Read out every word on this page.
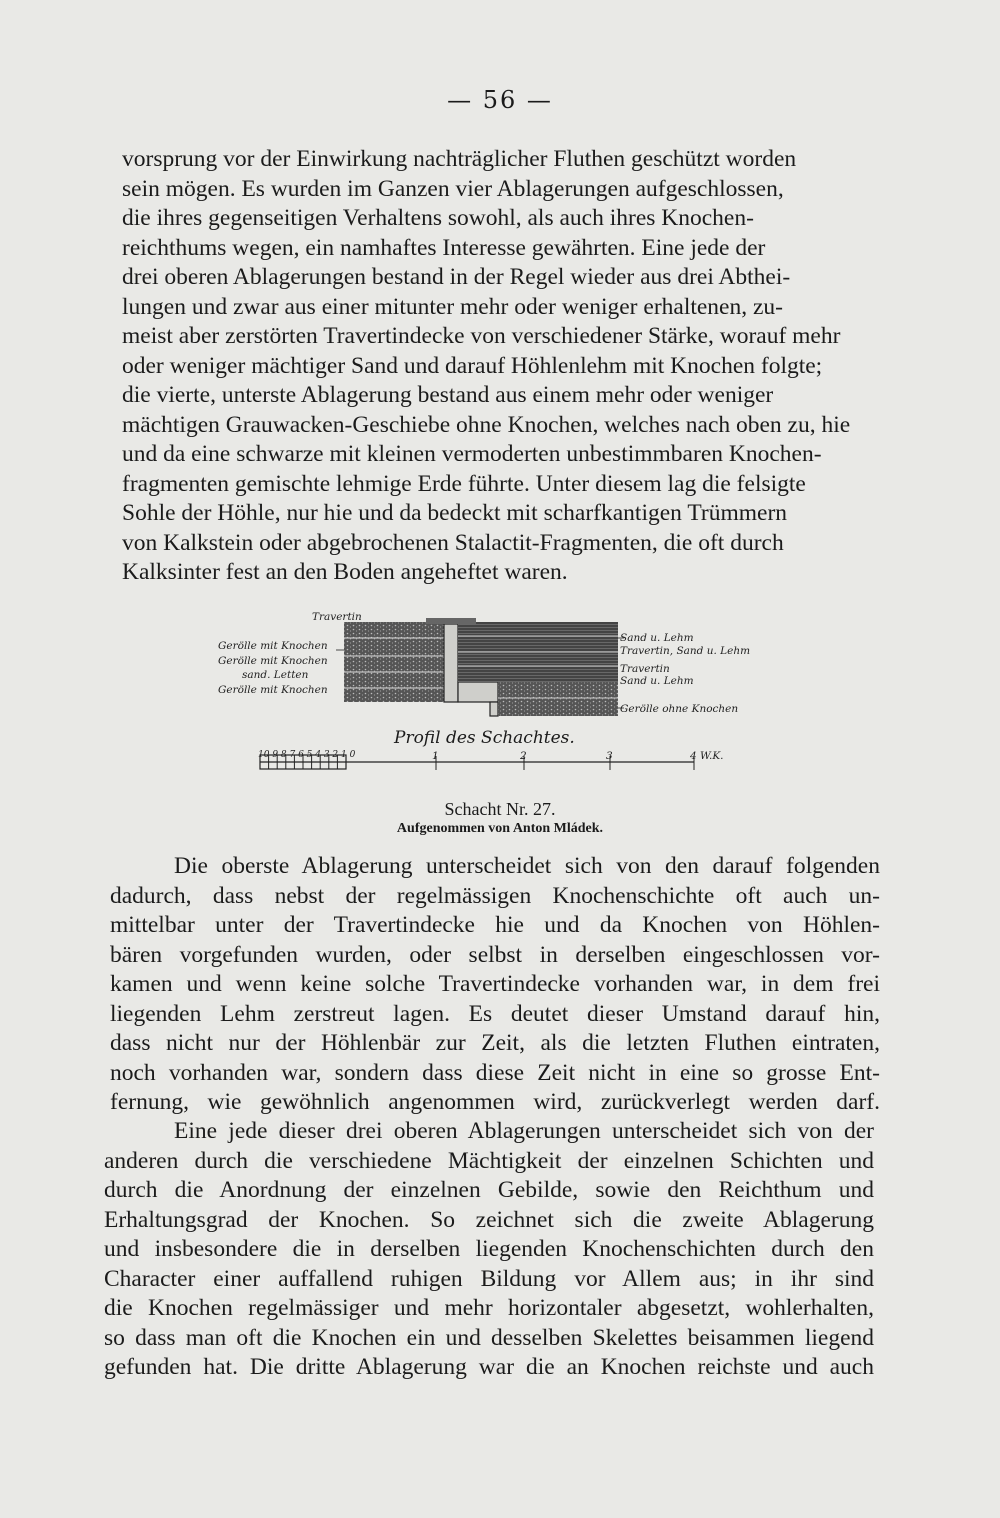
— 56 —

vorsprung vor der Einwirkung nachträglicher Fluthen geschützt worden
sein mögen. Es wurden im Ganzen vier Ablagerungen aufgeschlossen,
die ihres gegenseitigen Verhaltens sowohl, als auch ihres Knochen-
reichthums wegen, ein namhaftes Interesse gewährten. Eine jede der
drei oberen Ablagerungen bestand in der Regel wieder aus drei Abthei-
lungen und zwar aus einer mitunter mehr oder weniger erhaltenen, zu-
meist aber zerstörten Travertindecke von verschiedener Stärke, worauf mehr
oder weniger mächtiger Sand und darauf Höhlenlehm mit Knochen folgte;
die vierte, unterste Ablagerung bestand aus einem mehr oder weniger
mächtigen Grauwacken-Geschiebe ohne Knochen, welches nach oben zu, hie
und da eine schwarze mit kleinen vermoderten unbestimmbaren Knochen-
fragmenten gemischte lehmige Erde führte. Unter diesem lag die felsigte
Sohle der Höhle, nur hie und da bedeckt mit scharfkantigen Trümmern
von Kalkstein oder abgebrochenen Stalactit-Fragmenten, die oft durch
Kalksinter fest an den Boden angeheftet waren.

Travertin
Gerölle mit Knochen
Gerölle mit Knochen
sand. Letten
Gerölle mit Knochen
Sand u. Lehm
Travertin, Sand u. Lehm
Travertin
Sand u. Lehm
Gerölle ohne Knochen
10 9 8 7 6 5 4 3 2 1 0	1	2	3	4 W.K.
Profil des Schachtes.
Schacht Nr. 27.
Aufgenommen von Anton Mládek.

Die oberste Ablagerung unterscheidet sich von den darauf folgenden
dadurch, dass nebst der regelmässigen Knochenschichte oft auch un-
mittelbar unter der Travertindecke hie und da Knochen von Höhlen-
bären vorgefunden wurden, oder selbst in derselben eingeschlossen vor-
kamen und wenn keine solche Travertindecke vorhanden war, in dem frei
liegenden Lehm zerstreut lagen. Es deutet dieser Umstand darauf hin,
dass nicht nur der Höhlenbär zur Zeit, als die letzten Fluthen eintraten,
noch vorhanden war, sondern dass diese Zeit nicht in eine so grosse Ent-
fernung, wie gewöhnlich angenommen wird, zurückverlegt werden darf.

Eine jede dieser drei oberen Ablagerungen unterscheidet sich von der
anderen durch die verschiedene Mächtigkeit der einzelnen Schichten und
durch die Anordnung der einzelnen Gebilde, sowie den Reichthum und
Erhaltungsgrad der Knochen. So zeichnet sich die zweite Ablagerung
und insbesondere die in derselben liegenden Knochenschichten durch den
Character einer auffallend ruhigen Bildung vor Allem aus; in ihr sind
die Knochen regelmässiger und mehr horizontaler abgesetzt, wohlerhalten,
so dass man oft die Knochen ein und desselben Skelettes beisammen liegend
gefunden hat. Die dritte Ablagerung war die an Knochen reichste und auch
